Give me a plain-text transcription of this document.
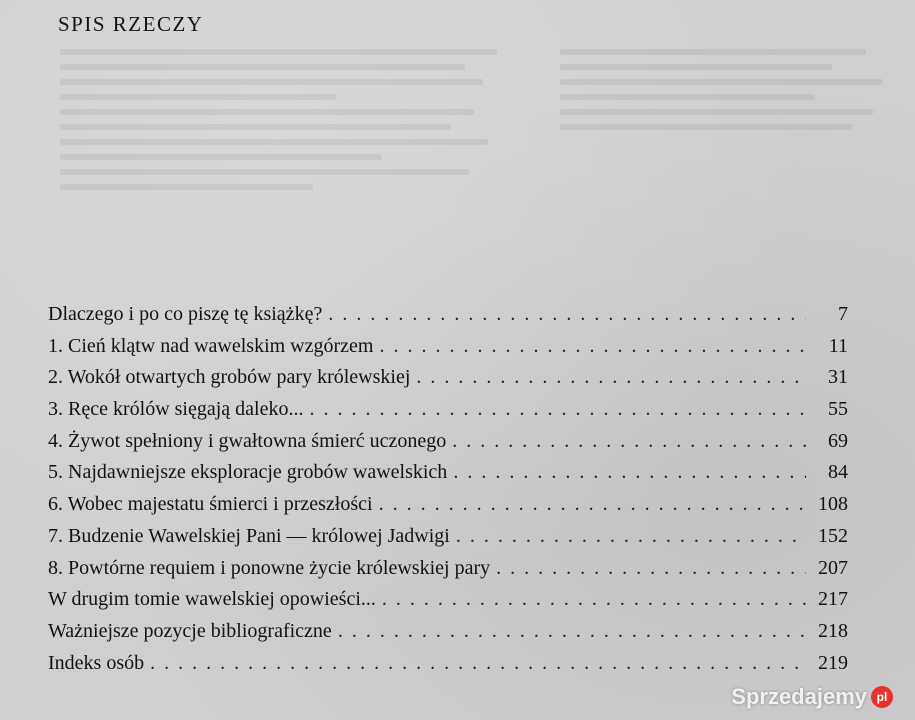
SPIS RZECZY
Dlaczego i po co piszę tę książkę? . . .	7
1. Cień klątw nad wawelskim wzgórzem . . .	11
2. Wokół otwartych grobów pary królewskiej . . .	31
3. Ręce królów sięgają daleko... . . .	55
4. Żywot spełniony i gwałtowna śmierć uczonego . . .	69
5. Najdawniejsze eksploracje grobów wawelskich . . .	84
6. Wobec majestatu śmierci i przeszłości . . .	108
7. Budzenie Wawelskiej Pani — królowej Jadwigi . . .	152
8. Powtórne requiem i ponowne życie królewskiej pary . . .	207
W drugim tomie wawelskiej opowieści... . . .	217
Ważniejsze pozycje bibliograficzne . . .	218
Indeks osób . . .	219
Sprzedajemy pl
